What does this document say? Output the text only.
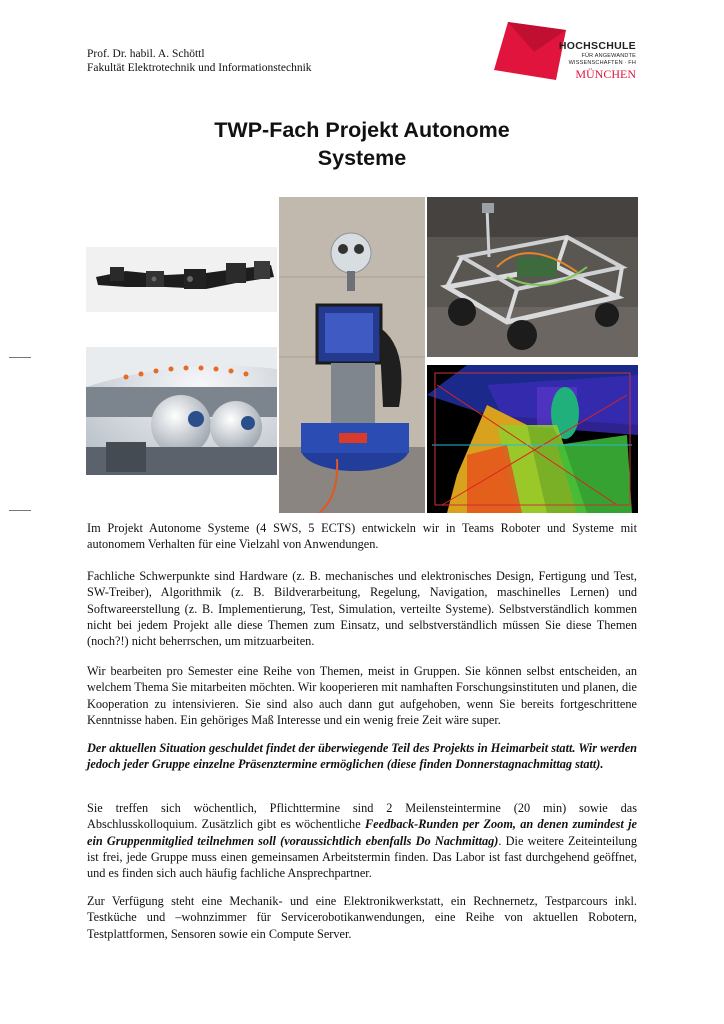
Prof. Dr. habil. A. Schöttl
Fakultät Elektrotechnik und Informationstechnik
HOCHSCHULE
FÜR ANGEWANDTE
WISSENSCHAFTEN · FH
MÜNCHEN
TWP-Fach Projekt Autonome
Systeme

Im Projekt Autonome Systeme (4 SWS, 5 ECTS) entwickeln wir in Teams Roboter und Systeme mit autonomem Verhalten für eine Vielzahl von Anwendungen.

Fachliche Schwerpunkte sind Hardware (z. B. mechanisches und elektronisches Design, Fertigung und Test, SW-Treiber), Algorithmik (z. B. Bildverarbeitung, Regelung, Navigation, maschinelles Lernen) und Softwareerstellung (z. B. Implementierung, Test, Simulation, verteilte Systeme). Selbstverständlich kommen nicht bei jedem Projekt alle diese Themen zum Einsatz, und selbstverständlich müssen Sie diese Themen (noch?!) nicht beherrschen, um mitzuarbeiten.

Wir bearbeiten pro Semester eine Reihe von Themen, meist in Gruppen. Sie können selbst entscheiden, an welchem Thema Sie mitarbeiten möchten. Wir kooperieren mit namhaften Forschungsinstituten und planen, die Kooperation zu intensivieren. Sie sind also auch dann gut aufgehoben, wenn Sie bereits fortgeschrittene Kenntnisse haben. Ein gehöriges Maß Interesse und ein wenig freie Zeit wäre super.

Der aktuellen Situation geschuldet findet der überwiegende Teil des Projekts in Heimarbeit statt. Wir werden jedoch jeder Gruppe einzelne Präsenztermine ermöglichen (diese finden Donnerstagnachmittag statt).

Sie treffen sich wöchentlich, Pflichttermine sind 2 Meilensteintermine (20 min) sowie das Abschlusskolloquium. Zusätzlich gibt es wöchentliche Feedback-Runden per Zoom, an denen zumindest je ein Gruppenmitglied teilnehmen soll (voraussichtlich ebenfalls Do Nachmittag). Die weitere Zeiteinteilung ist frei, jede Gruppe muss einen gemeinsamen Arbeitstermin finden. Das Labor ist fast durchgehend geöffnet, und es finden sich auch häufig fachliche Ansprechpartner.

Zur Verfügung steht eine Mechanik- und eine Elektronikwerkstatt, ein Rechnernetz, Testparcours inkl. Testküche und –wohnzimmer für Servicerobotikanwendungen, eine Reihe von aktuellen Robotern, Testplattformen, Sensoren sowie ein Compute Server.
